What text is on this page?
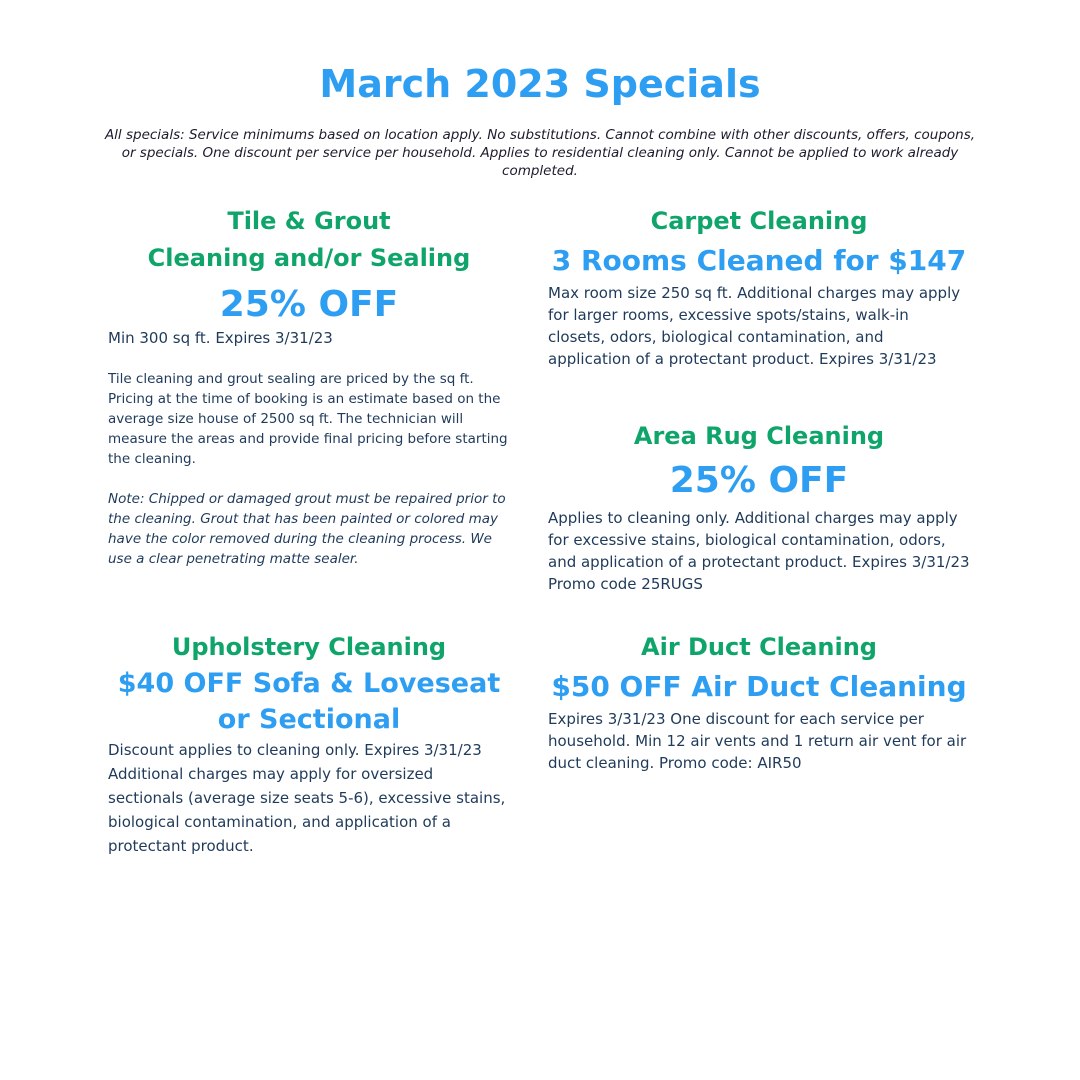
March 2023 Specials
All specials: Service minimums based on location apply. No substitutions. Cannot combine with other discounts, offers, coupons, or specials. One discount per service per household. Applies to residential cleaning only. Cannot be applied to work already completed.
Tile & Grout
Cleaning and/or Sealing
25% OFF
Min 300 sq ft. Expires 3/31/23
Tile cleaning and grout sealing are priced by the sq ft. Pricing at the time of booking is an estimate based on the average size house of 2500 sq ft. The technician will measure the areas and provide final pricing before starting the cleaning.
Note: Chipped or damaged grout must be repaired prior to the cleaning. Grout that has been painted or colored may have the color removed during the cleaning process. We use a clear penetrating matte sealer.
Carpet Cleaning
3 Rooms Cleaned for $147
Max room size 250 sq ft. Additional charges may apply for larger rooms, excessive spots/stains, walk-in closets, odors, biological contamination, and application of a protectant product. Expires 3/31/23
Area Rug Cleaning
25% OFF
Applies to cleaning only. Additional charges may apply for excessive stains, biological contamination, odors, and application of a protectant product. Expires 3/31/23
Promo code 25RUGS
Upholstery Cleaning
$40 OFF Sofa & Loveseat or Sectional
Discount applies to cleaning only. Expires 3/31/23
Additional charges may apply for oversized sectionals (average size seats 5-6), excessive stains, biological contamination, and application of a protectant product.
Air Duct Cleaning
$50 OFF Air Duct Cleaning
Expires 3/31/23 One discount for each service per household. Min 12 air vents and 1 return air vent for air duct cleaning. Promo code: AIR50
